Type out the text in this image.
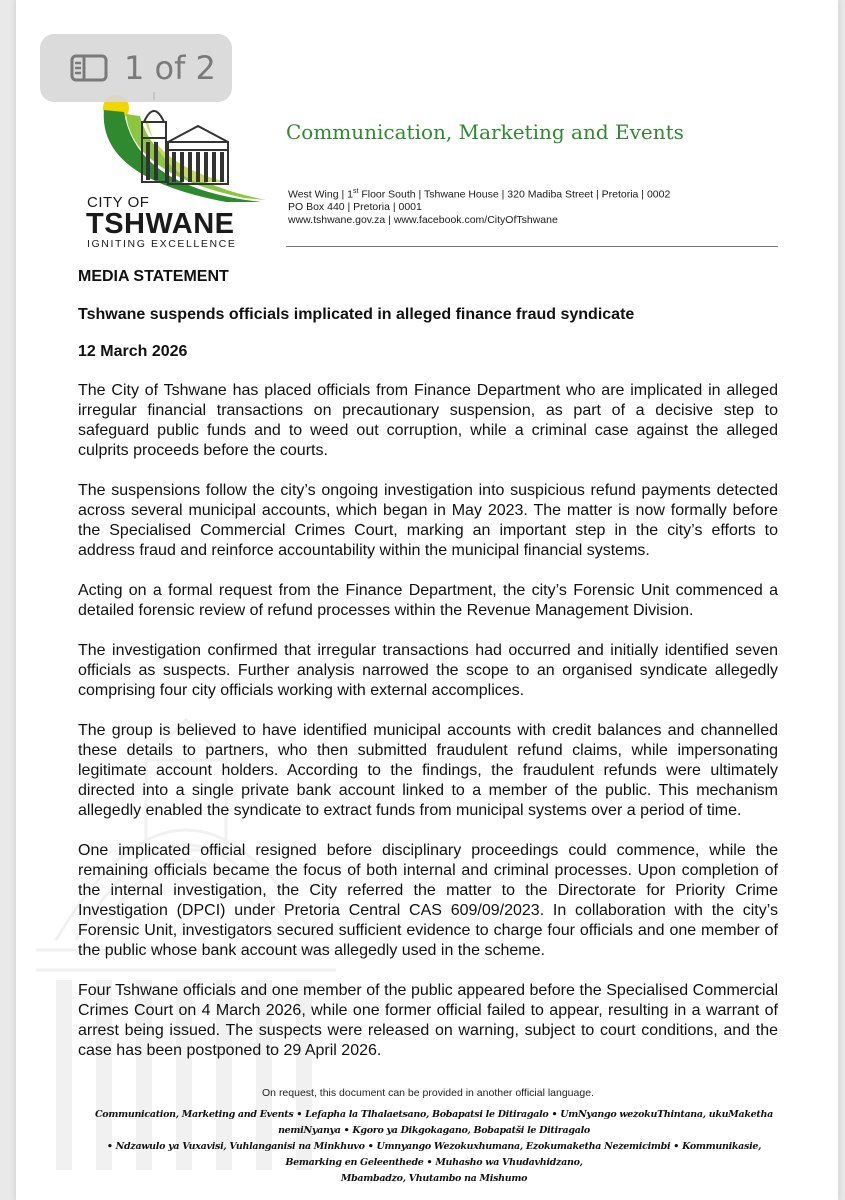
CITY OF
TSHWANE
IGNITING EXCELLENCE
Communication, Marketing and Events
West Wing | 1st Floor South | Tshwane House | 320 Madiba Street | Pretoria | 0002
PO Box 440 | Pretoria | 0001
www.tshwane.gov.za | www.facebook.com/CityOfTshwane
MEDIA STATEMENT
Tshwane suspends officials implicated in alleged finance fraud syndicate
12 March 2026
The City of Tshwane has placed officials from Finance Department who are implicated in alleged irregular financial transactions on precautionary suspension, as part of a decisive step to safeguard public funds and to weed out corruption, while a criminal case against the alleged culprits proceeds before the courts.
The suspensions follow the city’s ongoing investigation into suspicious refund payments detected across several municipal accounts, which began in May 2023. The matter is now formally before the Specialised Commercial Crimes Court, marking an important step in the city’s efforts to address fraud and reinforce accountability within the municipal financial systems.
Acting on a formal request from the Finance Department, the city’s Forensic Unit commenced a detailed forensic review of refund processes within the Revenue Management Division.
The investigation confirmed that irregular transactions had occurred and initially identified seven officials as suspects. Further analysis narrowed the scope to an organised syndicate allegedly comprising four city officials working with external accomplices.
The group is believed to have identified municipal accounts with credit balances and channelled these details to partners, who then submitted fraudulent refund claims, while impersonating legitimate account holders. According to the findings, the fraudulent refunds were ultimately directed into a single private bank account linked to a member of the public. This mechanism allegedly enabled the syndicate to extract funds from municipal systems over a period of time.
One implicated official resigned before disciplinary proceedings could commence, while the remaining officials became the focus of both internal and criminal processes. Upon completion of the internal investigation, the City referred the matter to the Directorate for Priority Crime Investigation (DPCI) under Pretoria Central CAS 609/09/2023. In collaboration with the city’s Forensic Unit, investigators secured sufficient evidence to charge four officials and one member of the public whose bank account was allegedly used in the scheme.
Four Tshwane officials and one member of the public appeared before the Specialised Commercial Crimes Court on 4 March 2026, while one former official failed to appear, resulting in a warrant of arrest being issued. The suspects were released on warning, subject to court conditions, and the case has been postponed to 29 April 2026.
On request, this document can be provided in another official language.
Communication, Marketing and Events • Lefapha la Tlhalaetsano, Bobapatsi le Ditiragalo • UmNyango wezokuThintana, ukuMaketha nemiNyanya • Kgoro ya Dikgokagano, Bobapatši le Ditiragalo
• Ndzawulo ya Vuxavisi, Vuhlanganisi na Minkhuvo • Umnyango Wezokuxhumana, Ezokumaketha Nezemicimbi • Kommunikasie, Bemarking en Geleenthede • Muhasho wa Vhudavhidzano,
Mbambadzo, Vhutambo na Mishumo
1 of 2
